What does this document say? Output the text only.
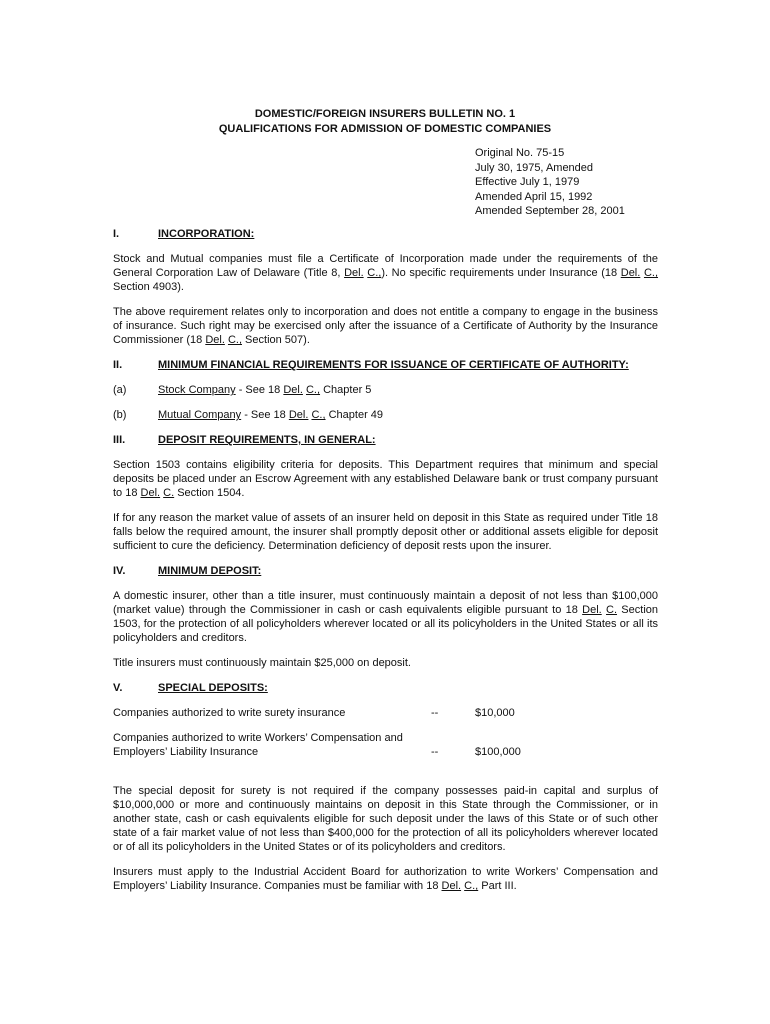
DOMESTIC/FOREIGN INSURERS BULLETIN NO. 1
QUALIFICATIONS FOR ADMISSION OF DOMESTIC COMPANIES
Original No. 75-15
July 30, 1975, Amended
Effective July 1, 1979
Amended April 15, 1992
Amended September 28, 2001
I.	INCORPORATION:

Stock and Mutual companies must file a Certificate of Incorporation made under the requirements of the General Corporation Law of Delaware (Title 8, Del. C.,). No specific requirements under Insurance (18 Del. C., Section 4903).

The above requirement relates only to incorporation and does not entitle a company to engage in the business of insurance. Such right may be exercised only after the issuance of a Certificate of Authority by the Insurance Commissioner (18 Del. C., Section 507).

II.	MINIMUM FINANCIAL REQUIREMENTS FOR ISSUANCE OF CERTIFICATE OF AUTHORITY:
(a)	Stock Company - See 18 Del. C., Chapter 5
(b)	Mutual Company - See 18 Del. C., Chapter 49
III.	DEPOSIT REQUIREMENTS, IN GENERAL:

Section 1503 contains eligibility criteria for deposits. This Department requires that minimum and special deposits be placed under an Escrow Agreement with any established Delaware bank or trust company pursuant to 18 Del. C. Section 1504.

If for any reason the market value of assets of an insurer held on deposit in this State as required under Title 18 falls below the required amount, the insurer shall promptly deposit other or additional assets eligible for deposit sufficient to cure the deficiency. Determination deficiency of deposit rests upon the insurer.

IV.	MINIMUM DEPOSIT:

A domestic insurer, other than a title insurer, must continuously maintain a deposit of not less than $100,000 (market value) through the Commissioner in cash or cash equivalents eligible pursuant to 18 Del. C. Section 1503, for the protection of all policyholders wherever located or all its policyholders in the United States or all its policyholders and creditors.

Title insurers must continuously maintain $25,000 on deposit.

V.	SPECIAL DEPOSITS:
Companies authorized to write surety insurance	--	$10,000
Companies authorized to write Workers’ Compensation and
Employers’ Liability Insurance	--	$100,000

The special deposit for surety is not required if the company possesses paid-in capital and surplus of $10,000,000 or more and continuously maintains on deposit in this State through the Commissioner, or in another state, cash or cash equivalents eligible for such deposit under the laws of this State or of such other state of a fair market value of not less than $400,000 for the protection of all its policyholders wherever located or of all its policyholders in the United States or of its policyholders and creditors.

Insurers must apply to the Industrial Accident Board for authorization to write Workers’ Compensation and Employers’ Liability Insurance. Companies must be familiar with 18 Del. C., Part III.
